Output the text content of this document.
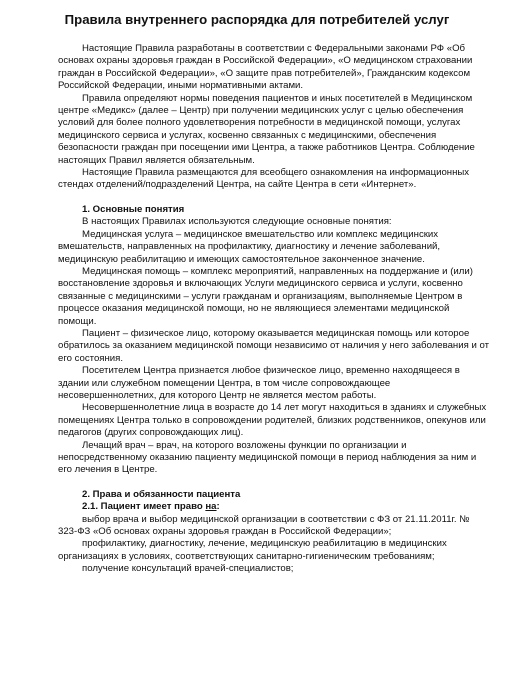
Правила внутреннего распорядка для потребителей услуг

Настоящие Правила разработаны в соответствии с Федеральными законами РФ «Об основах охраны здоровья граждан в Российской Федерации», «О медицинском страховании граждан в Российской Федерации», «О защите прав потребителей», Гражданским кодексом Российской Федерации, иными нормативными актами.

Правила определяют нормы поведения пациентов и иных посетителей в Медицинском центре «Медикс» (далее – Центр) при получении медицинских услуг с целью обеспечения условий для более полного удовлетворения потребности в медицинской помощи, услугах медицинского сервиса и услугах, косвенно связанных с медицинскими, обеспечения безопасности граждан при посещении ими Центра, а также работников Центра. Соблюдение настоящих Правил является обязательным.

Настоящие Правила размещаются для всеобщего ознакомления на информационных стендах отделений/подразделений Центра, на сайте Центра в сети «Интернет».

1. Основные понятия

В настоящих Правилах используются следующие основные понятия:

Медицинская услуга – медицинское вмешательство или комплекс медицинских вмешательств, направленных на профилактику, диагностику и лечение заболеваний, медицинскую реабилитацию и имеющих самостоятельное законченное значение.

Медицинская помощь – комплекс мероприятий, направленных на поддержание и (или) восстановление здоровья и включающих Услуги медицинского сервиса и услуги, косвенно связанные с медицинскими – услуги гражданам и организациям, выполняемые Центром в процессе оказания медицинской помощи, но не являющиеся элементами медицинской помощи.

Пациент – физическое лицо, которому оказывается медицинская помощь или которое обратилось за оказанием медицинской помощи независимо от наличия у него заболевания и от его состояния.

Посетителем Центра признается любое физическое лицо, временно находящееся в здании или служебном помещении Центра, в том числе сопровождающее несовершеннолетних, для которого Центр не является местом работы.

Несовершеннолетние лица в возрасте до 14 лет могут находиться в зданиях и служебных помещениях Центра только в сопровождении родителей, близких родственников, опекунов или педагогов (других сопровождающих лиц).

Лечащий врач – врач, на которого возложены функции по организации и непосредственному оказанию пациенту медицинской помощи в период наблюдения за ним и его лечения в Центре.

2. Права и обязанности пациента
2.1. Пациент имеет право на:

выбор врача и выбор медицинской организации в соответствии с ФЗ от 21.11.2011г. № 323-ФЗ «Об основах охраны здоровья граждан в Российской Федерации»;

профилактику, диагностику, лечение, медицинскую реабилитацию в медицинских организациях в условиях, соответствующих санитарно-гигиеническим требованиям;

получение консультаций врачей-специалистов;
